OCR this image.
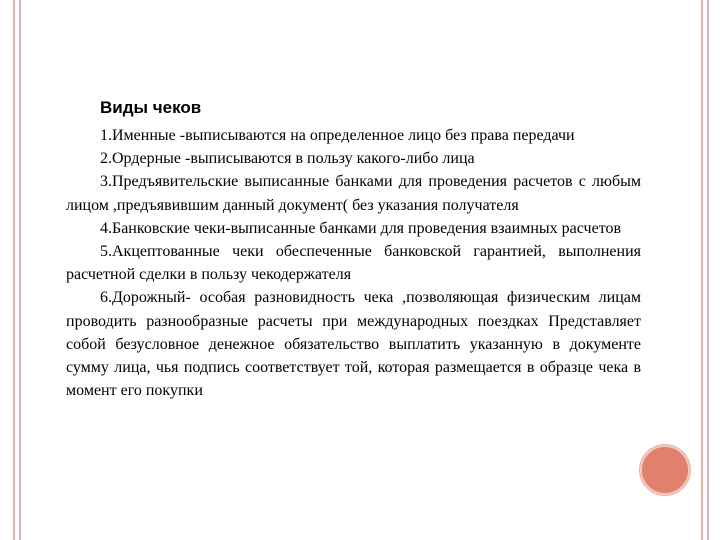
Виды чеков

1.Именные -выписываются на определенное лицо без права передачи

2.Ордерные -выписываются в пользу какого-либо лица

3.Предъявительские выписанные банками для проведения расчетов с любым лицом ,предъявившим данный документ( без указания получателя

4.Банковские чеки-выписанные банками для проведения взаимных расчетов

5.Акцептованные чеки обеспеченные банковской гарантией, выполнения расчетной сделки в пользу чекодержателя

6.Дорожный- особая разновидность чека ,позволяющая физическим лицам проводить разнообразные расчеты при международных поездках Представляет собой безусловное денежное обязательство выплатить указанную в документе сумму лица, чья подпись соответствует той, которая размещается в образце чека в момент его покупки
